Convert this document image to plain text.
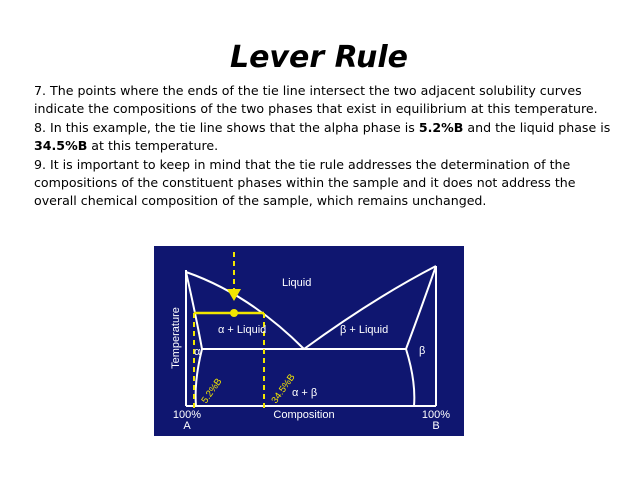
Lever Rule

7. The points where the ends of the tie line intersect the two adjacent solubility curves indicate the compositions of the two phases that exist in equilibrium at this temperature.

8. In this example, the tie line shows that the alpha phase is 5.2%B and the liquid phase is 34.5%B at this temperature.

9. It is important to keep in mind that the tie rule addresses the determination of the compositions of the constituent phases within the sample and it does not address the overall chemical composition of the sample, which remains unchanged.

Liquid
α + Liquid	β + Liquid
α	β
α + β
5.2%B	34.5%B
Temperature
Composition
100%
A
100%
B
